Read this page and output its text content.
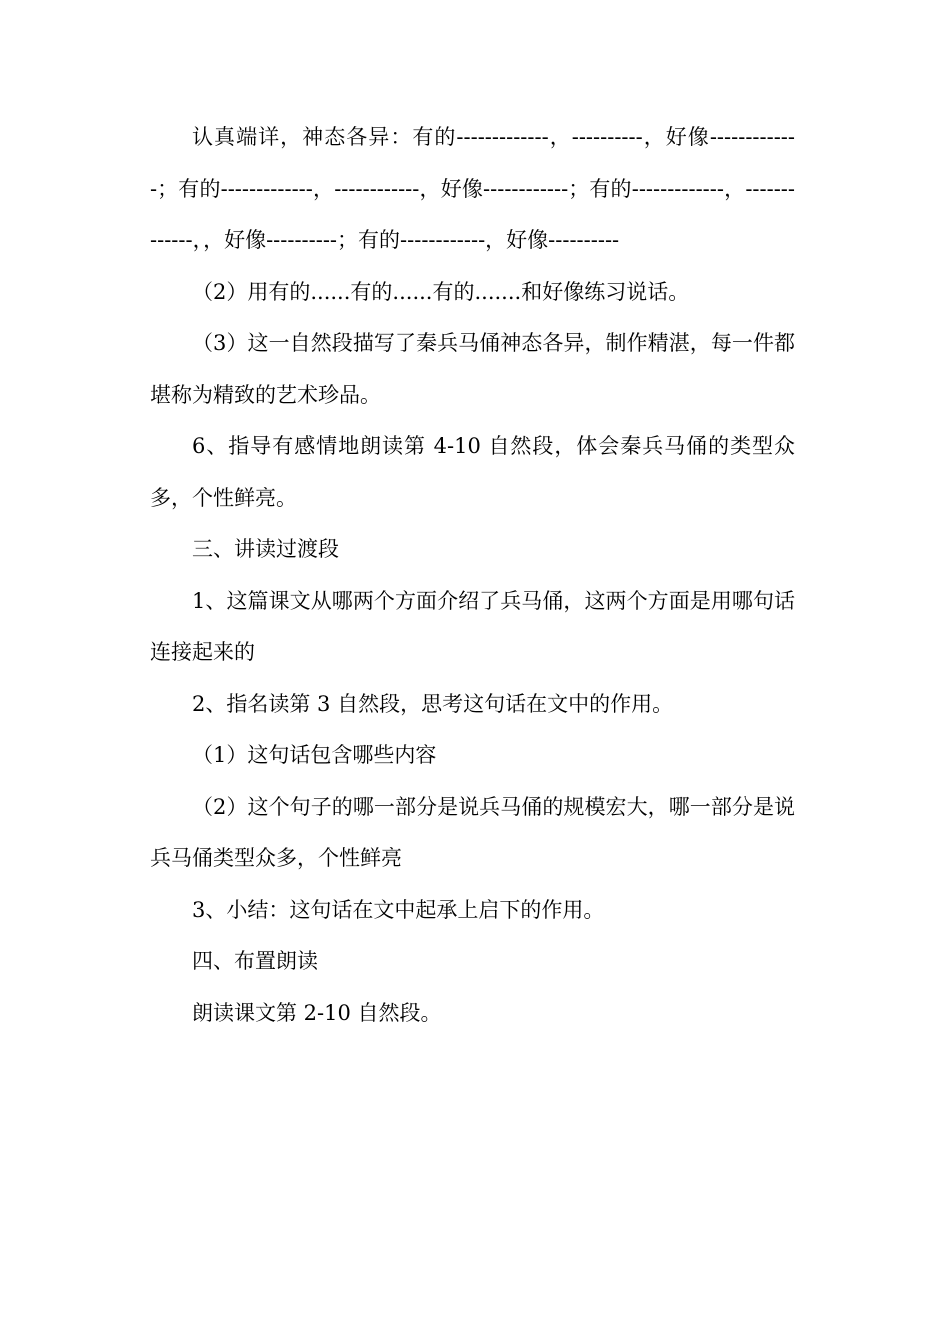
认真端详，神态各异：有的-------------，----------，好像-------------；有的-------------，------------，好像------------；有的-------------，-------------，，好像----------；有的------------，好像----------

（2）用有的......有的......有的.......和好像练习说话。

（3）这一自然段描写了秦兵马俑神态各异，制作精湛，每一件都堪称为精致的艺术珍品。

6、指导有感情地朗读第 4-10 自然段，体会秦兵马俑的类型众多，个性鲜亮。

三、讲读过渡段

1、这篇课文从哪两个方面介绍了兵马俑，这两个方面是用哪句话连接起来的

2、指名读第 3 自然段，思考这句话在文中的作用。

（1）这句话包含哪些内容

（2）这个句子的哪一部分是说兵马俑的规模宏大，哪一部分是说兵马俑类型众多，个性鲜亮

3、小结：这句话在文中起承上启下的作用。

四、布置朗读

朗读课文第 2-10 自然段。
